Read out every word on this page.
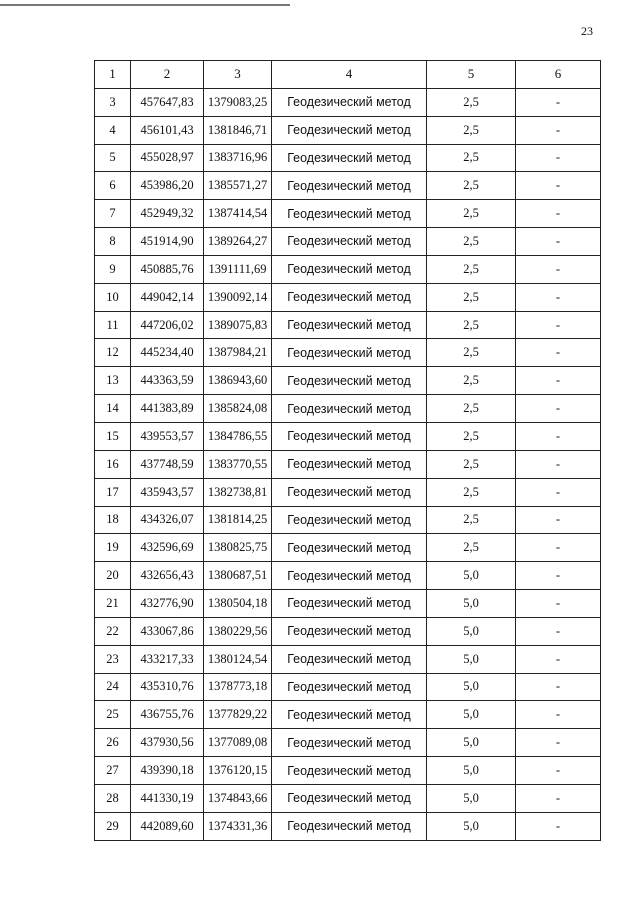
23
1	2	3	4	5	6
3	457647,83	1379083,25	Геодезический метод	2,5	-
4	456101,43	1381846,71	Геодезический метод	2,5	-
5	455028,97	1383716,96	Геодезический метод	2,5	-
6	453986,20	1385571,27	Геодезический метод	2,5	-
7	452949,32	1387414,54	Геодезический метод	2,5	-
8	451914,90	1389264,27	Геодезический метод	2,5	-
9	450885,76	1391111,69	Геодезический метод	2,5	-
10	449042,14	1390092,14	Геодезический метод	2,5	-
11	447206,02	1389075,83	Геодезический метод	2,5	-
12	445234,40	1387984,21	Геодезический метод	2,5	-
13	443363,59	1386943,60	Геодезический метод	2,5	-
14	441383,89	1385824,08	Геодезический метод	2,5	-
15	439553,57	1384786,55	Геодезический метод	2,5	-
16	437748,59	1383770,55	Геодезический метод	2,5	-
17	435943,57	1382738,81	Геодезический метод	2,5	-
18	434326,07	1381814,25	Геодезический метод	2,5	-
19	432596,69	1380825,75	Геодезический метод	2,5	-
20	432656,43	1380687,51	Геодезический метод	5,0	-
21	432776,90	1380504,18	Геодезический метод	5,0	-
22	433067,86	1380229,56	Геодезический метод	5,0	-
23	433217,33	1380124,54	Геодезический метод	5,0	-
24	435310,76	1378773,18	Геодезический метод	5,0	-
25	436755,76	1377829,22	Геодезический метод	5,0	-
26	437930,56	1377089,08	Геодезический метод	5,0	-
27	439390,18	1376120,15	Геодезический метод	5,0	-
28	441330,19	1374843,66	Геодезический метод	5,0	-
29	442089,60	1374331,36	Геодезический метод	5,0	-
